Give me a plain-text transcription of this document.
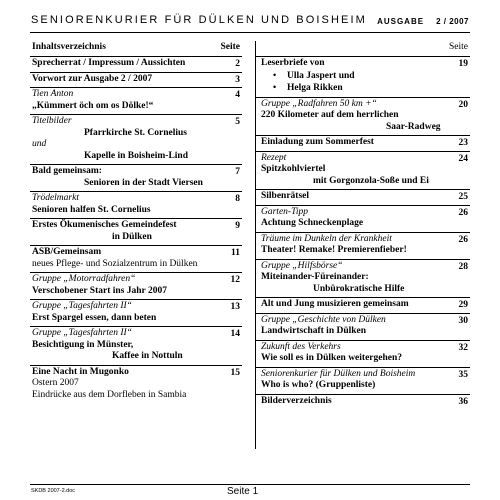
SENIORENKURIER FÜR DÜLKEN UND BOISHEIM AUSGABE 2 / 2007
Inhaltsverzeichnis	Seite
Sprecherrat / Impressum / Aussichten	2
Vorwort zur Ausgabe 2 / 2007	3
Tien Anton
„Kümmert öch om os Dölke!“
4
Titelbilder
Pfarrkirche St. Cornelius
und
Kapelle in Boisheim-Lind
5
Bald gemeinsam:
Senioren in der Stadt Viersen
7
Trödelmarkt
Senioren halfen St. Cornelius
8
Erstes Ökumenisches Gemeindefest
in Dülken
9
ASB/Gemeinsam
neues Pflege- und Sozialzentrum in Dülken
11
Gruppe „Motorradfahren“
Verschobener Start ins Jahr 2007
12
Gruppe „Tagesfahrten II“
Erst Spargel essen, dann beten
13
Gruppe „Tagesfahrten II“
Besichtigung in Münster,
Kaffee in Nottuln
14
Eine Nacht in Mugonko
Ostern 2007
Eindrücke aus dem Dorfleben in Sambia
15
Seite
Leserbriefe von
• Ulla Jaspert und
• Helga Rikken
19
Gruppe „Radfahren 50 km +“
220 Kilometer auf dem herrlichen
Saar-Radweg
20
Einladung zum Sommerfest	23
Rezept
Spitzkohlviertel
mit Gorgonzola-Soße und Ei
24
Silbenrätsel	25
Garten-Tipp
Achtung Schneckenplage
26
Träume im Dunkeln der Krankheit
Theater! Remake! Premierenfieber!
26
Gruppe „Hilfsbörse“
Miteinander-Füreinander:
Unbürokratische Hilfe
28
Alt und Jung musizieren gemeinsam	29
Gruppe „Geschichte von Dülken
Landwirtschaft in Dülken
30
Zukunft des Verkehrs
Wie soll es in Dülken weitergehen?
32
Seniorenkurier für Dülken und Boisheim
Who is who? (Gruppenliste)
35
Bilderverzeichnis	36
SKDB 2007-2.doc	Seite 1
